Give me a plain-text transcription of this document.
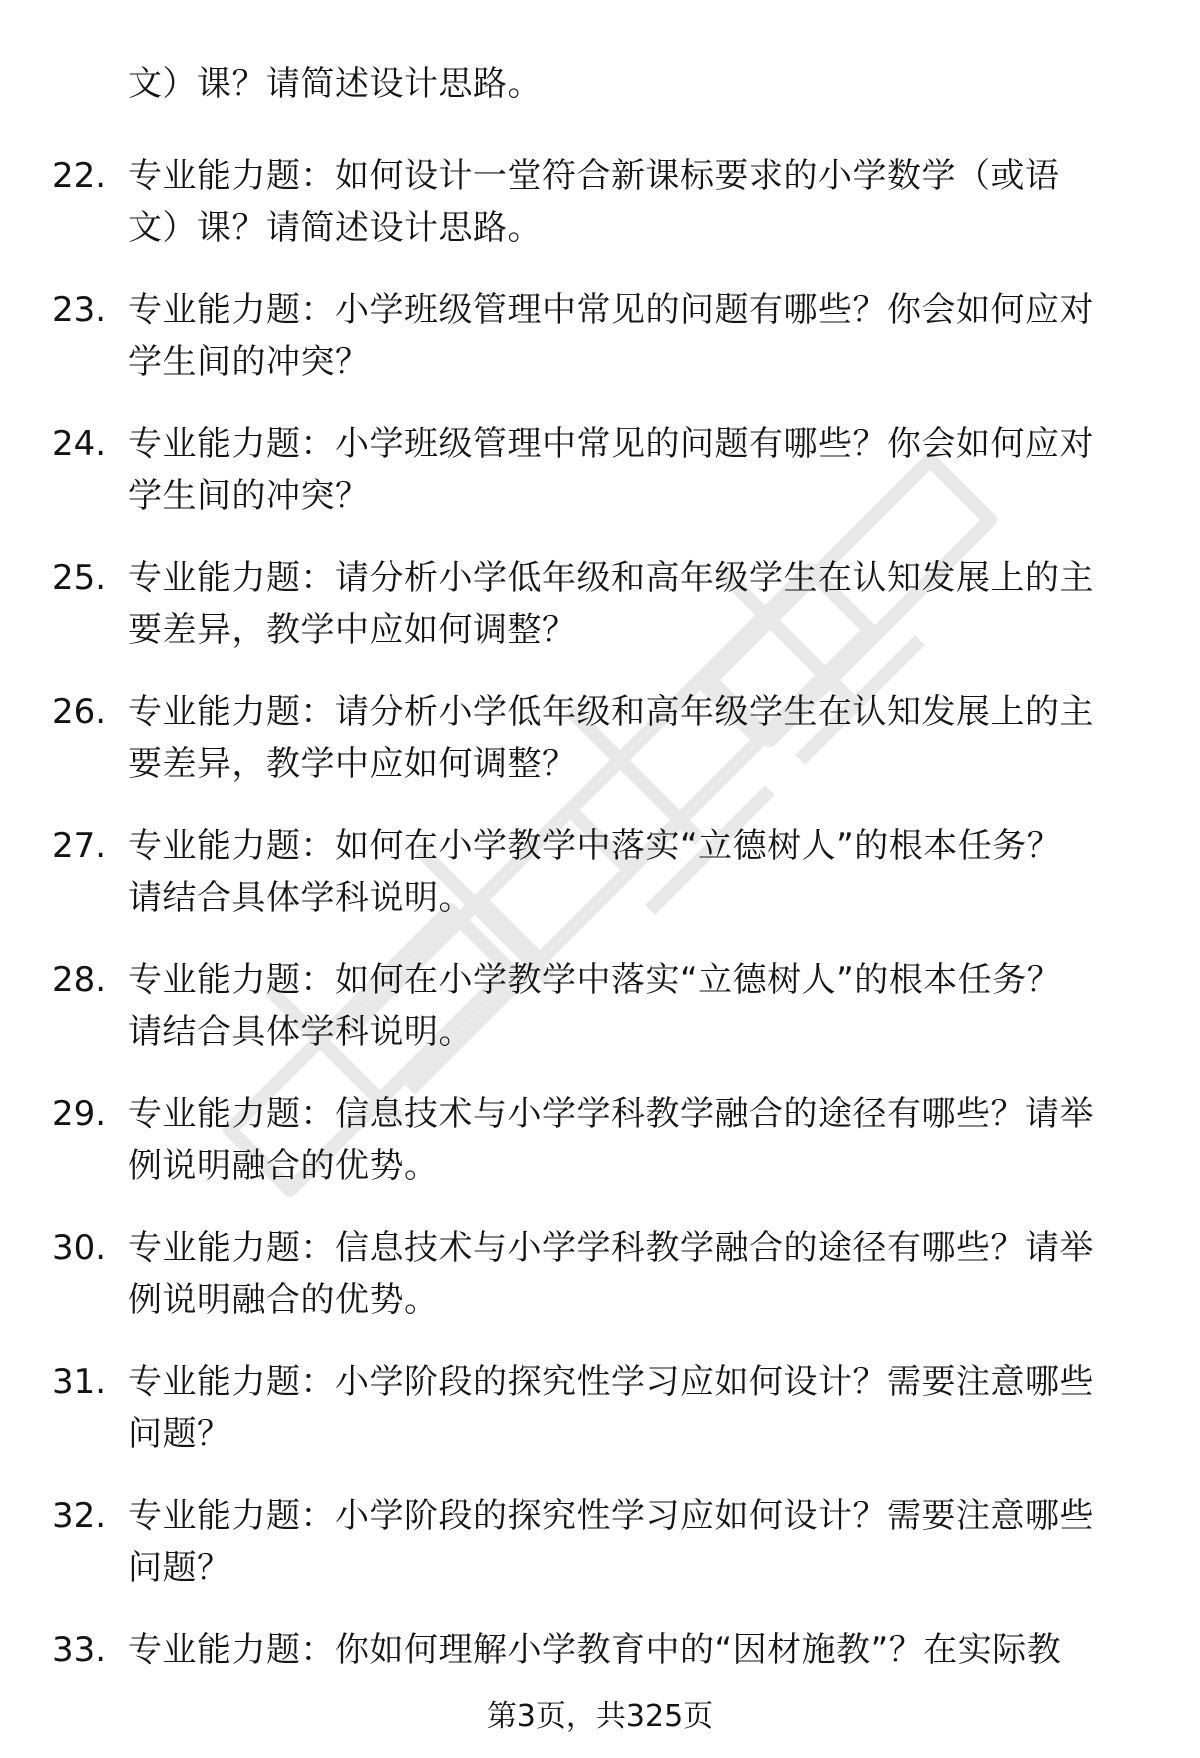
文）课？请简述设计思路。
22. 专业能力题：如何设计一堂符合新课标要求的小学数学（或语
文）课？请简述设计思路。
23. 专业能力题：小学班级管理中常见的问题有哪些？你会如何应对
学生间的冲突？
24. 专业能力题：小学班级管理中常见的问题有哪些？你会如何应对
学生间的冲突？
25. 专业能力题：请分析小学低年级和高年级学生在认知发展上的主
要差异，教学中应如何调整？
26. 专业能力题：请分析小学低年级和高年级学生在认知发展上的主
要差异，教学中应如何调整？
27. 专业能力题：如何在小学教学中落实“立德树人”的根本任务？
请结合具体学科说明。
28. 专业能力题：如何在小学教学中落实“立德树人”的根本任务？
请结合具体学科说明。
29. 专业能力题：信息技术与小学学科教学融合的途径有哪些？请举
例说明融合的优势。
30. 专业能力题：信息技术与小学学科教学融合的途径有哪些？请举
例说明融合的优势。
31. 专业能力题：小学阶段的探究性学习应如何设计？需要注意哪些
问题？
32. 专业能力题：小学阶段的探究性学习应如何设计？需要注意哪些
问题？
33. 专业能力题：你如何理解小学教育中的“因材施教”？在实际教
第3页，共325页
